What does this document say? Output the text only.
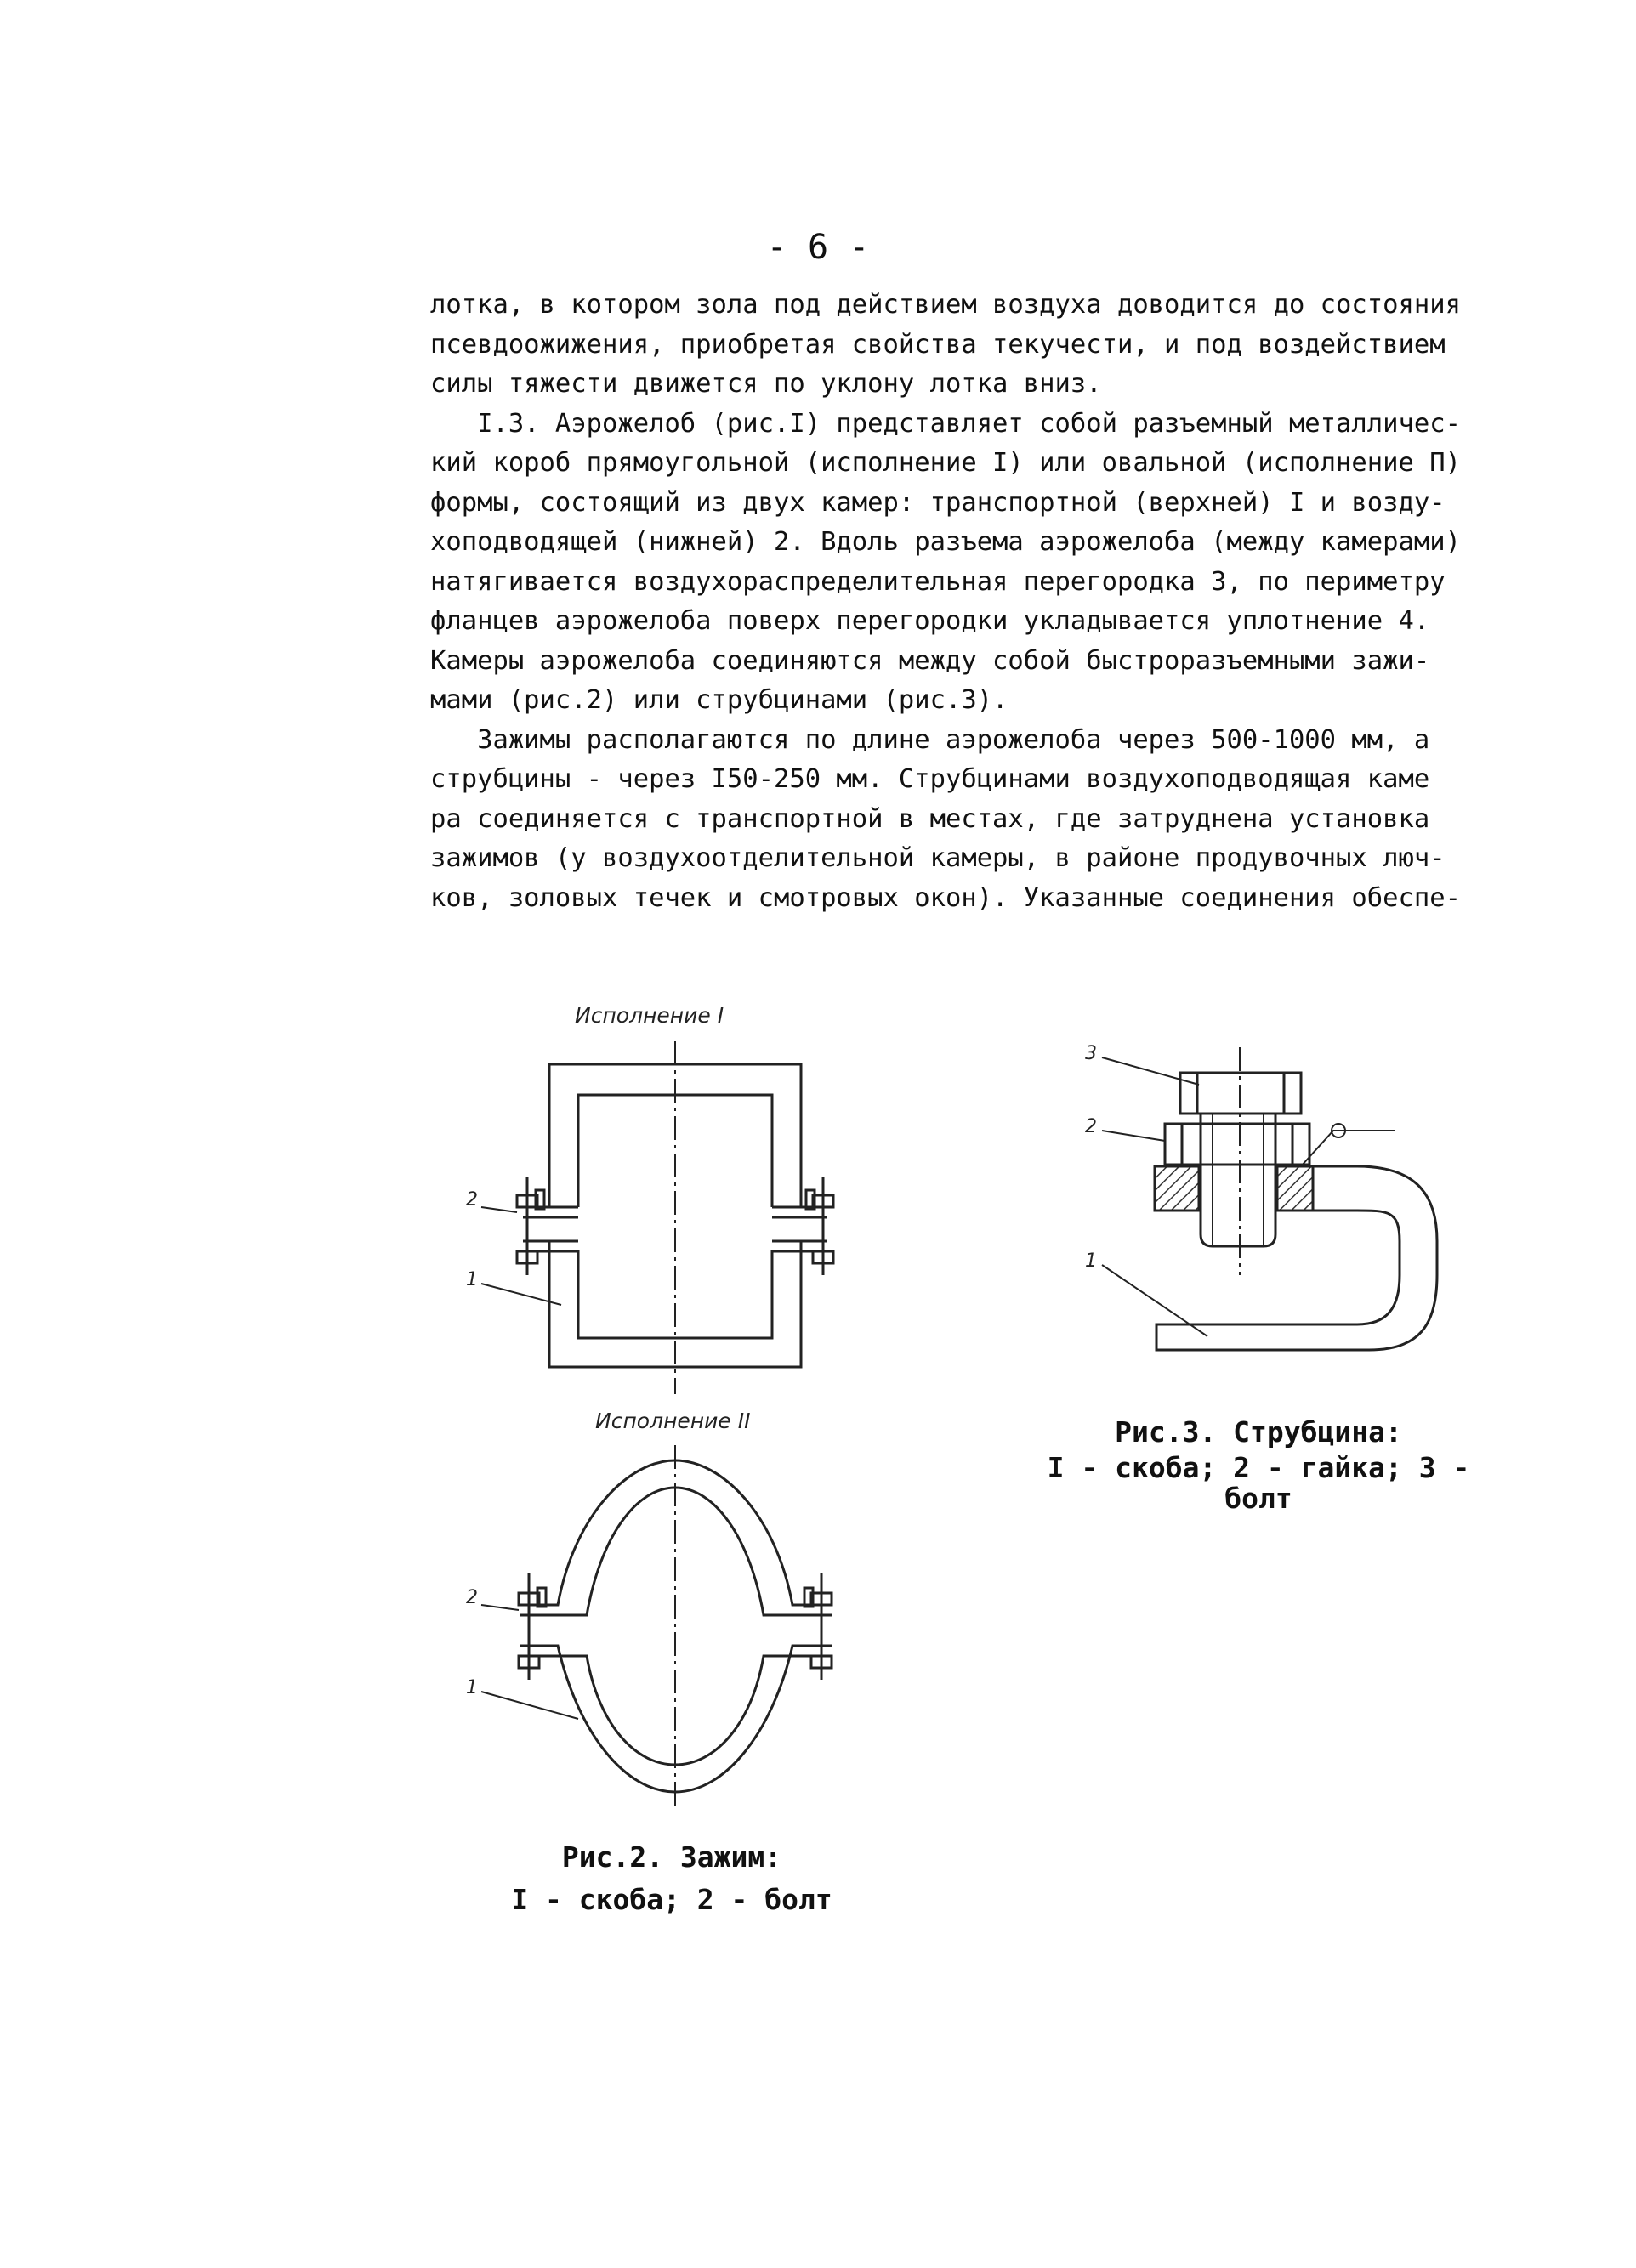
- 6 -
лотка, в котором зола под действием воздуха доводится до состояния
псевдоожижения, приобретая свойства текучести, и под воздействием
силы тяжести движется по уклону лотка вниз.
I.3. Аэрожелоб (рис.I) представляет собой разъемный металличес-
кий короб прямоугольной (исполнение I) или овальной (исполнение П)
формы, состоящий из двух камер: транспортной (верхней) I и возду-
хоподводящей (нижней) 2. Вдоль разъема аэрожелоба (между камерами)
натягивается воздухораспределительная перегородка 3, по периметру
фланцев аэрожелоба поверх перегородки укладывается уплотнение 4.
Камеры аэрожелоба соединяются между собой быстроразъемными зажи-
мами (рис.2) или струбцинами (рис.3).
Зажимы располагаются по длине аэрожелоба через 500-1000 мм, а
струбцины - через I50-250 мм. Струбцинами воздухоподводящая каме
ра соединяется с транспортной в местах, где затруднена установка
зажимов (у воздухоотделительной камеры, в районе продувочных люч-
ков, золовых течек и смотровых окон). Указанные соединения обеспе-
Исполнение I
2
1
Исполнение II
2
1
3
2
1
Рис.3. Струбцина:
I - скоба; 2 - гайка; 3 -
болт
Рис.2. Зажим:
I - скоба; 2 - болт
